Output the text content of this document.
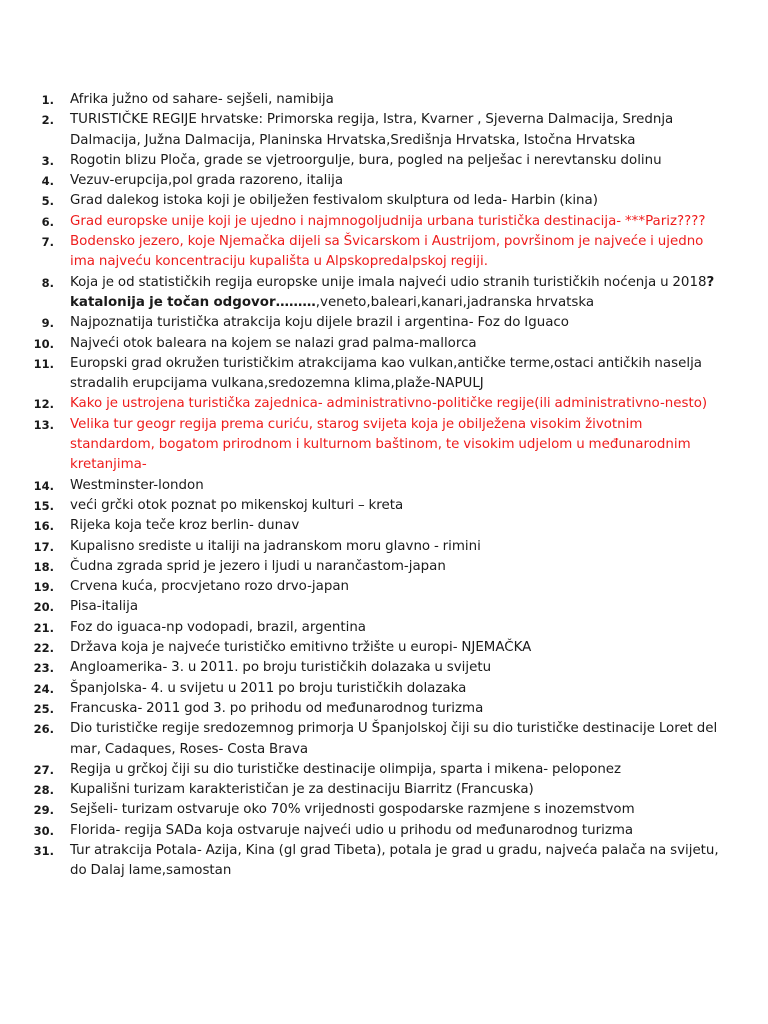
1.	Afrika južno od sahare- sejšeli, namibija
2.	TURISTIČKE REGIJE hrvatske: Primorska regija, Istra, Kvarner , Sjeverna Dalmacija, Srednja Dalmacija, Južna Dalmacija, Planinska Hrvatska,Središnja Hrvatska, Istočna Hrvatska
3.	Rogotin blizu Ploča, grade se vjetroorgulje, bura, pogled na pelješac i nerevtansku dolinu
4.	Vezuv-erupcija,pol grada razoreno, italija
5.	Grad dalekog istoka koji je obilježen festivalom skulptura od leda- Harbin (kina)
6.	Grad europske unije koji je ujedno i najmnogoljudnija urbana turistička destinacija- ***Pariz????
7.	Bodensko jezero, koje Njemačka dijeli sa Švicarskom i Austrijom, površinom je najveće i ujedno ima najveću koncentraciju kupališta u Alpskopredalpskoj regiji.
8.	Koja je od statističkih regija europske unije imala najveći udio stranih turističkih noćenja u 2018? katalonija je točan odgovor………,veneto,baleari,kanari,jadranska hrvatska
9.	Najpoznatija turistička atrakcija koju dijele brazil i argentina- Foz do Iguaco
10.	Najveći otok baleara na kojem se nalazi grad palma-mallorca
11.	Europski grad okružen turističkim atrakcijama kao vulkan,antičke terme,ostaci antičkih naselja stradalih erupcijama vulkana,sredozemna klima,plaže-NAPULJ
12.	Kako je ustrojena turistička zajednica- administrativno-političke regije(ili administrativno-nesto)
13.	Velika tur geogr regija prema curiću, starog svijeta koja je obilježena visokim životnim standardom, bogatom prirodnom i kulturnom baštinom, te visokim udjelom u međunarodnim kretanjima-
14.	Westminster-london
15.	veći grčki otok poznat po mikenskoj kulturi – kreta
16.	Rijeka koja teče kroz berlin- dunav
17.	Kupalisno srediste u italiji na jadranskom moru glavno - rimini
18.	Čudna zgrada sprid je jezero i ljudi u narančastom-japan
19.	Crvena kuća, procvjetano rozo drvo-japan
20.	Pisa-italija
21.	Foz do iguaca-np vodopadi, brazil, argentina
22.	Država koja je najveće turističko emitivno tržište u europi- NJEMAČKA
23.	Angloamerika- 3. u 2011. po broju turističkih dolazaka u svijetu
24.	Španjolska- 4. u svijetu u 2011 po broju turističkih dolazaka
25.	Francuska- 2011 god 3. po prihodu od međunarodnog turizma
26.	Dio turističke regije sredozemnog primorja U Španjolskoj čiji su dio turističke destinacije Loret del mar, Cadaques, Roses- Costa Brava
27.	Regija u grčkoj čiji su dio turističke destinacije olimpija, sparta i mikena- peloponez
28.	Kupališni turizam karakterističan je za destinaciju Biarritz (Francuska)
29.	Sejšeli- turizam ostvaruje oko 70% vrijednosti gospodarske razmjene s inozemstvom
30.	Florida- regija SADa koja ostvaruje najveći udio u prihodu od međunarodnog turizma
31.	Tur atrakcija Potala- Azija, Kina (gl grad Tibeta), potala je grad u gradu, najveća palača na svijetu, do Dalaj lame,samostan
